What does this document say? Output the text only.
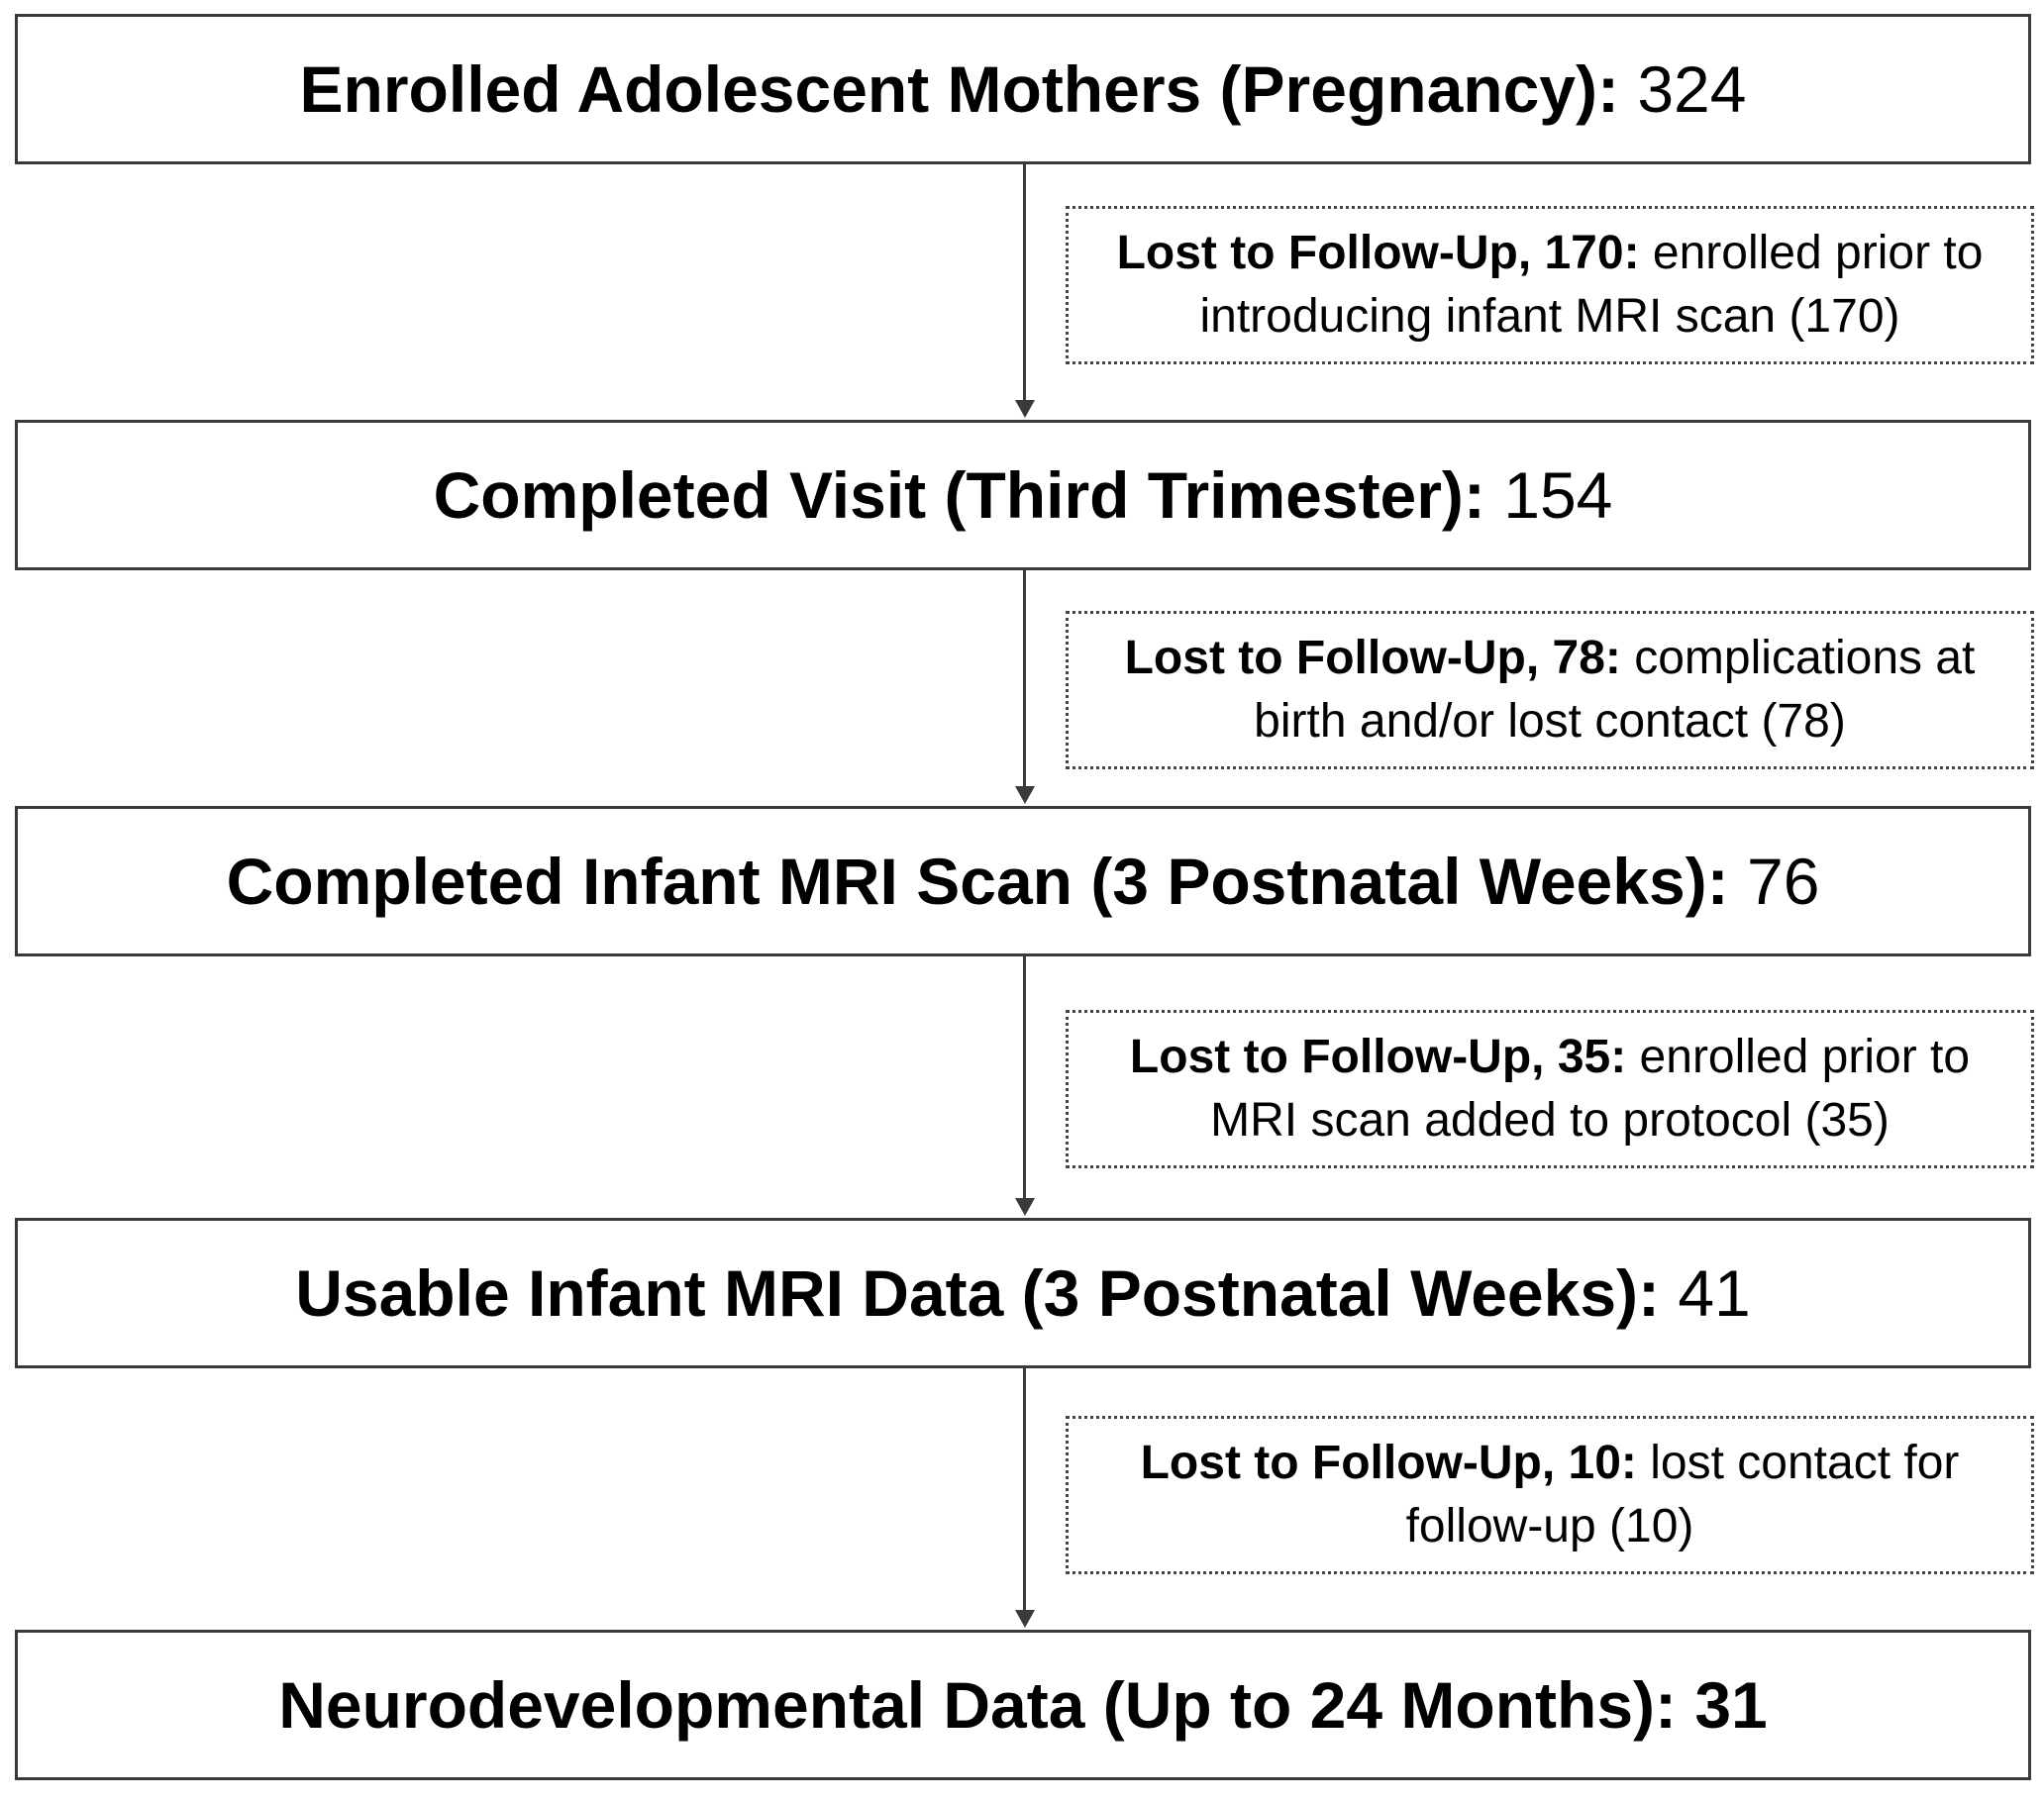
Enrolled Adolescent Mothers (Pregnancy):
324
Completed Visit (Third Trimester):
154
Completed Infant MRI Scan (3 Postnatal Weeks):
76
Usable Infant MRI Data (3 Postnatal Weeks):
41
Neurodevelopmental Data (Up to 24 Months):
31
Lost to Follow-Up, 170: enrolled prior to introducing infant MRI scan (170)
Lost to Follow-Up, 78: complications at birth and/or lost contact (78)
Lost to Follow-Up, 35: enrolled prior to MRI scan added to protocol (35)
Lost to Follow-Up, 10: lost contact for follow-up (10)
